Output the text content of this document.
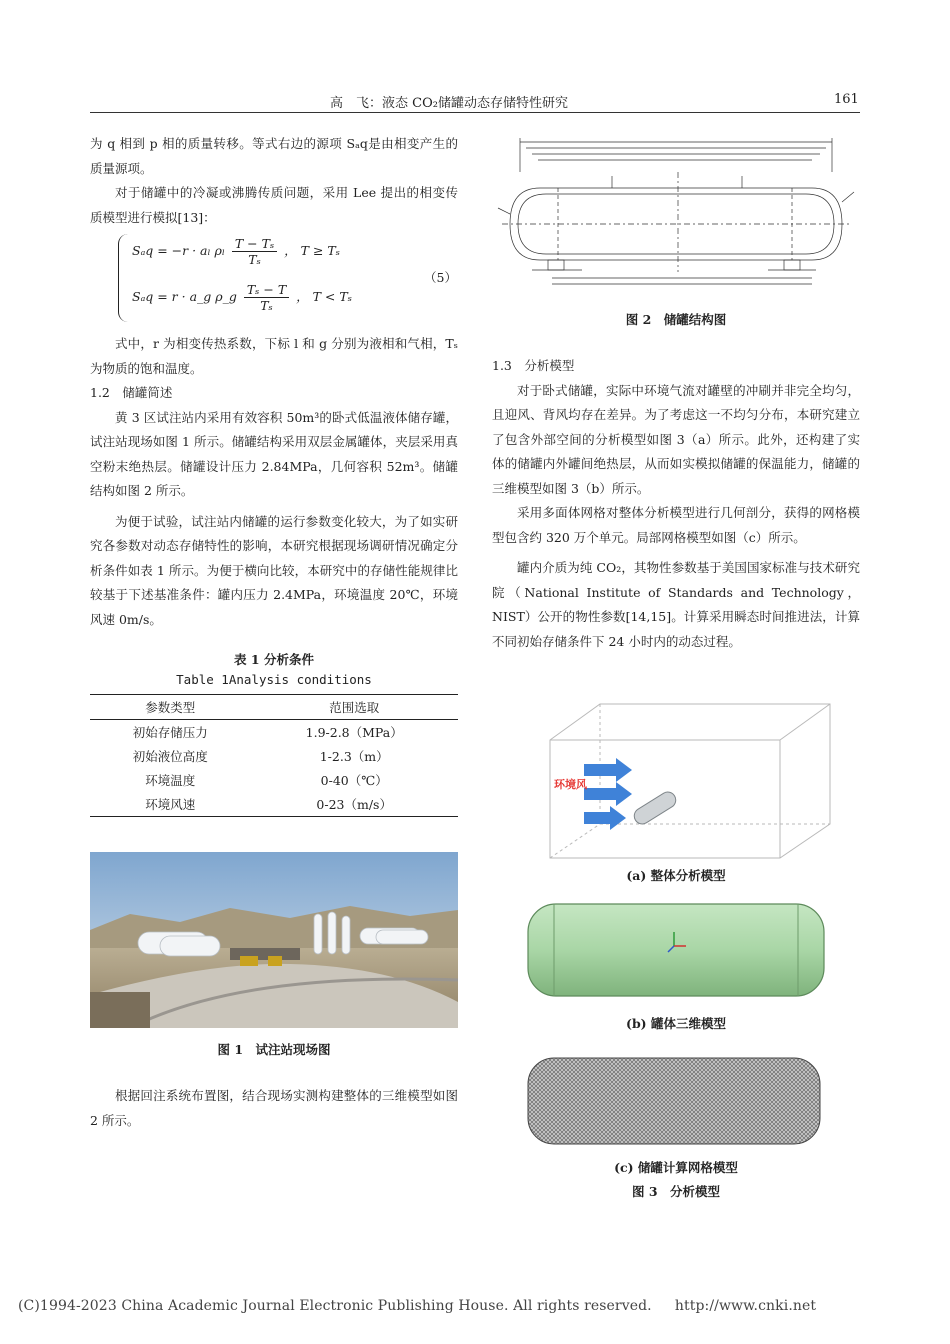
高　飞：液态 CO₂储罐动态存储特性研究	161

为 q 相到 p 相的质量转移。等式右边的源项 Sₐq是由相变产生的质量源项。

对于储罐中的冷凝或沸腾传质问题，采用 Lee 提出的相变传质模型进行模拟[13]：

Sₐq = −r · aₗ ρₗ $\frac{\text{T − Tₛ}}{\text{Tₛ}}$ ， T ≥ Tₛ
Sₐq = r · a_g ρ_g $\frac{\text{Tₛ − T}}{\text{Tₛ}}$ ， T < Tₛ
（5）

式中，r 为相变传热系数，下标 l 和 g 分别为液相和气相，Tₛ为物质的饱和温度。

1.2　储罐简述

黄 3 区试注站内采用有效容积 50m³的卧式低温液体储存罐，试注站现场如图 1 所示。储罐结构采用双层金属罐体，夹层采用真空粉末绝热层。储罐设计压力 2.84MPa，几何容积 52m³。储罐结构如图 2 所示。

为便于试验，试注站内储罐的运行参数变化较大，为了如实研究各参数对动态存储特性的影响，本研究根据现场调研情况确定分析条件如表 1 所示。为便于横向比较，本研究中的存储性能规律比较基于下述基准条件：罐内压力 2.4MPa，环境温度 20℃，环境风速 0m/s。

表 1 分析条件
Table 1Analysis conditions
参数类型	范围选取
初始存储压力	1.9-2.8（MPa）
初始液位高度	1-2.3（m）
环境温度	0-40（℃）
环境风速	0-23（m/s）
图 1　试注站现场图

根据回注系统布置图，结合现场实测构建整体的三维模型如图 2 所示。

图 2　储罐结构图

1.3　分析模型

对于卧式储罐，实际中环境气流对罐壁的冲刷并非完全均匀，且迎风、背风均存在差异。为了考虑这一不均匀分布，本研究建立了包含外部空间的分析模型如图 3（a）所示。此外，还构建了实体的储罐内外罐间绝热层，从而如实模拟储罐的保温能力，储罐的三维模型如图 3（b）所示。

采用多面体网格对整体分析模型进行几何剖分，获得的网格模型包含约 320 万个单元。局部网格模型如图（c）所示。

罐内介质为纯 CO₂，其物性参数基于美国国家标准与技术研究院（National Institute of Standards and Technology，NIST）公开的物性参数[14,15]。计算采用瞬态时间推进法，计算不同初始存储条件下 24 小时内的动态过程。

环境风
(a) 整体分析模型
(b) 罐体三维模型
(c) 储罐计算网格模型
图 3　分析模型
(C)1994-2023 China Academic Journal Electronic Publishing House. All rights reserved. http://www.cnki.net
